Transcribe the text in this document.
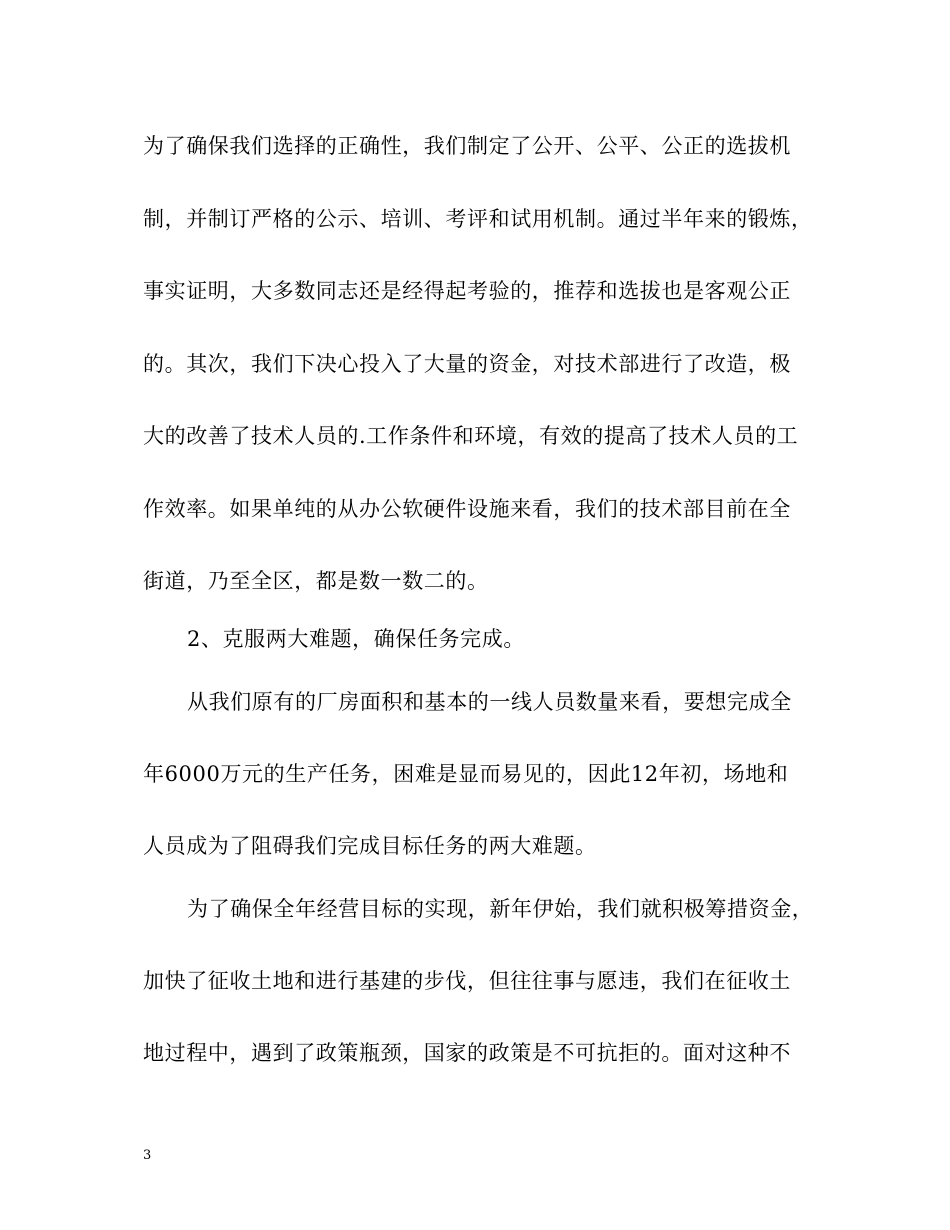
为了确保我们选择的正确性，我们制定了公开、公平、公正的选拔机
制，并制订严格的公示、培训、考评和试用机制。通过半年来的锻炼，
事实证明，大多数同志还是经得起考验的，推荐和选拔也是客观公正
的。其次，我们下决心投入了大量的资金，对技术部进行了改造，极
大的改善了技术人员的.工作条件和环境，有效的提高了技术人员的工
作效率。如果单纯的从办公软硬件设施来看，我们的技术部目前在全
街道，乃至全区，都是数一数二的。
2、克服两大难题，确保任务完成。
从我们原有的厂房面积和基本的一线人员数量来看，要想完成全
年6000万元的生产任务，困难是显而易见的，因此12年初，场地和
人员成为了阻碍我们完成目标任务的两大难题。
为了确保全年经营目标的实现，新年伊始，我们就积极筹措资金，
加快了征收土地和进行基建的步伐，但往往事与愿违，我们在征收土
地过程中，遇到了政策瓶颈，国家的政策是不可抗拒的。面对这种不
3
